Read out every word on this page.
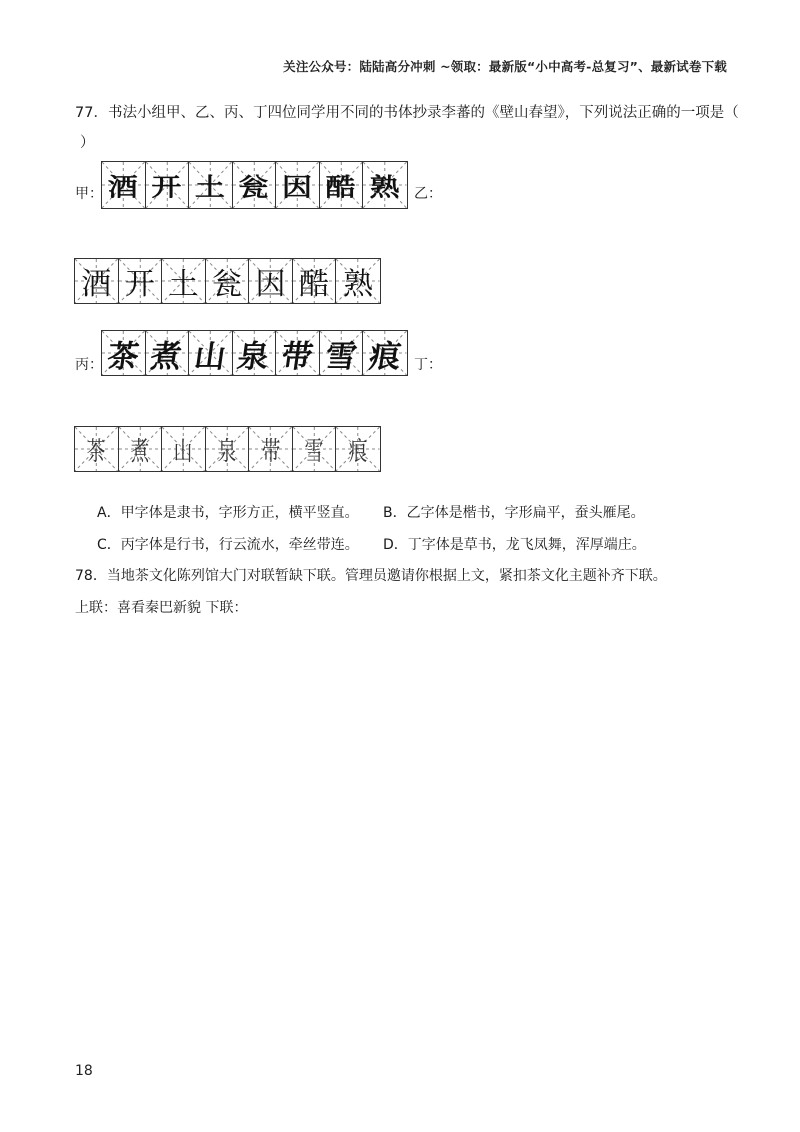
关注公众号：陆陆高分冲刺 ~领取：最新版“小中高考-总复习”、最新试卷下载
77．书法小组甲、乙、丙、丁四位同学用不同的书体抄录李蕃的《壁山春望》，下列说法正确的一项是（
）
甲： 酒 开 土 瓮 因 酷 熟 乙：
酒 开 土 瓮 因 酷 熟
丙： 茶 煮 山 泉 带 雪 痕 丁：
茶 煮 山 泉 带 雪 痕
A．甲字体是隶书，字形方正，横平竖直。 B．乙字体是楷书，字形扁平，蚕头雁尾。
C．丙字体是行书，行云流水，牵丝带连。 D．丁字体是草书，龙飞凤舞，浑厚端庄。
78．当地茶文化陈列馆大门对联暂缺下联。管理员邀请你根据上文，紧扣茶文化主题补齐下联。
上联：喜看秦巴新貌 下联：
18
